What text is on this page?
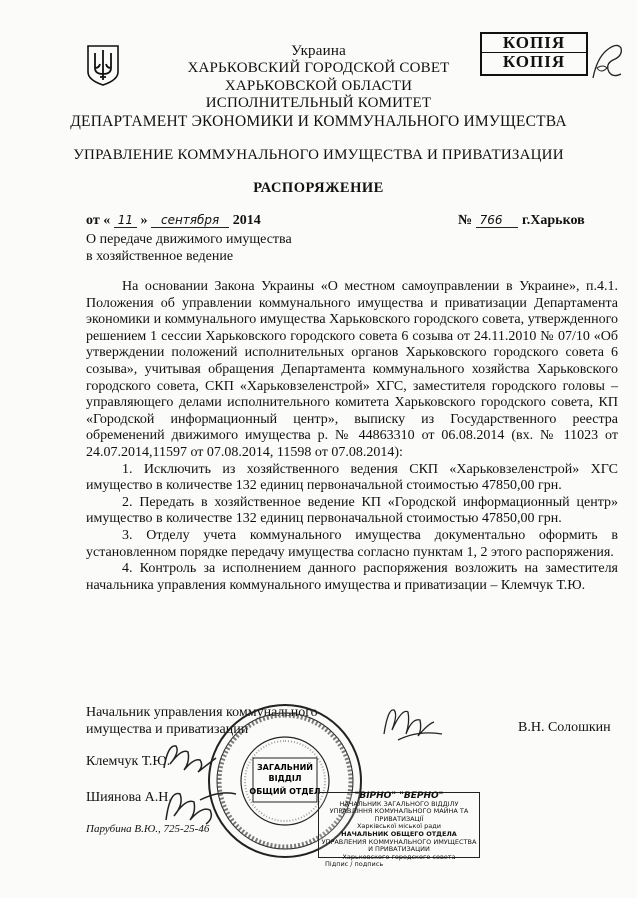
Украина
ХАРЬКОВСКИЙ ГОРОДСКОЙ СОВЕТ
ХАРЬКОВСКОЙ ОБЛАСТИ
ИСПОЛНИТЕЛЬНЫЙ КОМИТЕТ
ДЕПАРТАМЕНТ ЭКОНОМИКИ И КОММУНАЛЬНОГО ИМУЩЕСТВА
УПРАВЛЕНИЕ КОММУНАЛЬНОГО ИМУЩЕСТВА И ПРИВАТИЗАЦИИ
КОПІЯ
КОПІЯ
РАСПОРЯЖЕНИЕ
от « 11 » сентября 2014	№ 766 г.Харьков
О передаче движимого имущества
в хозяйственное ведение

На основании Закона Украины «О местном самоуправлении в Украине», п.4.1. Положения об управлении коммунального имущества и приватизации Департамента экономики и коммунального имущества Харьковского городского совета, утвержденного решением 1 сессии Харьковского городского совета 6 созыва от 24.11.2010 № 07/10 «Об утверждении положений исполнительных органов Харьковского городского совета 6 созыва», учитывая обращения Департамента коммунального хозяйства Харьковского городского совета, СКП «Харьковзеленстрой» ХГС, заместителя городского головы – управляющего делами исполнительного комитета Харьковского городского совета, КП «Городской информационный центр», выписку из Государственного реестра обременений движимого имущества р. № 44863310 от 06.08.2014 (вх. № 11023 от 24.07.2014,11597 от 07.08.2014, 11598 от 07.08.2014):

1. Исключить из хозяйственного ведения СКП «Харьковзеленстрой» ХГС имущество в количестве 132 единиц первоначальной стоимостью 47850,00 грн.

2. Передать в хозяйственное ведение КП «Городской информационный центр» имущество в количестве 132 единиц первоначальной стоимостью 47850,00 грн.

3. Отделу учета коммунального имущества документально оформить в установленном порядке передачу имущества согласно пунктам 1, 2 этого распоряжения.

4. Контроль за исполнением данного распоряжения возложить на заместителя начальника управления коммунального имущества и приватизации – Клемчук Т.Ю.

Начальник управления коммунального
имущества и приватизации	В.Н. Солошкин
Клемчук Т.Ю.
Шиянова А.Н.
Парубина В.Ю., 725-25-46
ЗАГАЛЬНИЙ
ВІДДІЛ
ОБЩИЙ ОТДЕЛ	"ВІРНО" "ВЕРНО"
НАЧАЛЬНИК ЗАГАЛЬНОГО ВІДДІЛУ
УПРАВЛІННЯ КОМУНАЛЬНОГО МАЙНА ТА ПРИВАТИЗАЦІЇ
Харківської міської ради
НАЧАЛЬНИК ОБЩЕГО ОТДЕЛА
УПРАВЛЕНИЯ КОММУНАЛЬНОГО ИМУЩЕСТВА И ПРИВАТИЗАЦИИ
Харьковского городского совета
Підпис / подпись
